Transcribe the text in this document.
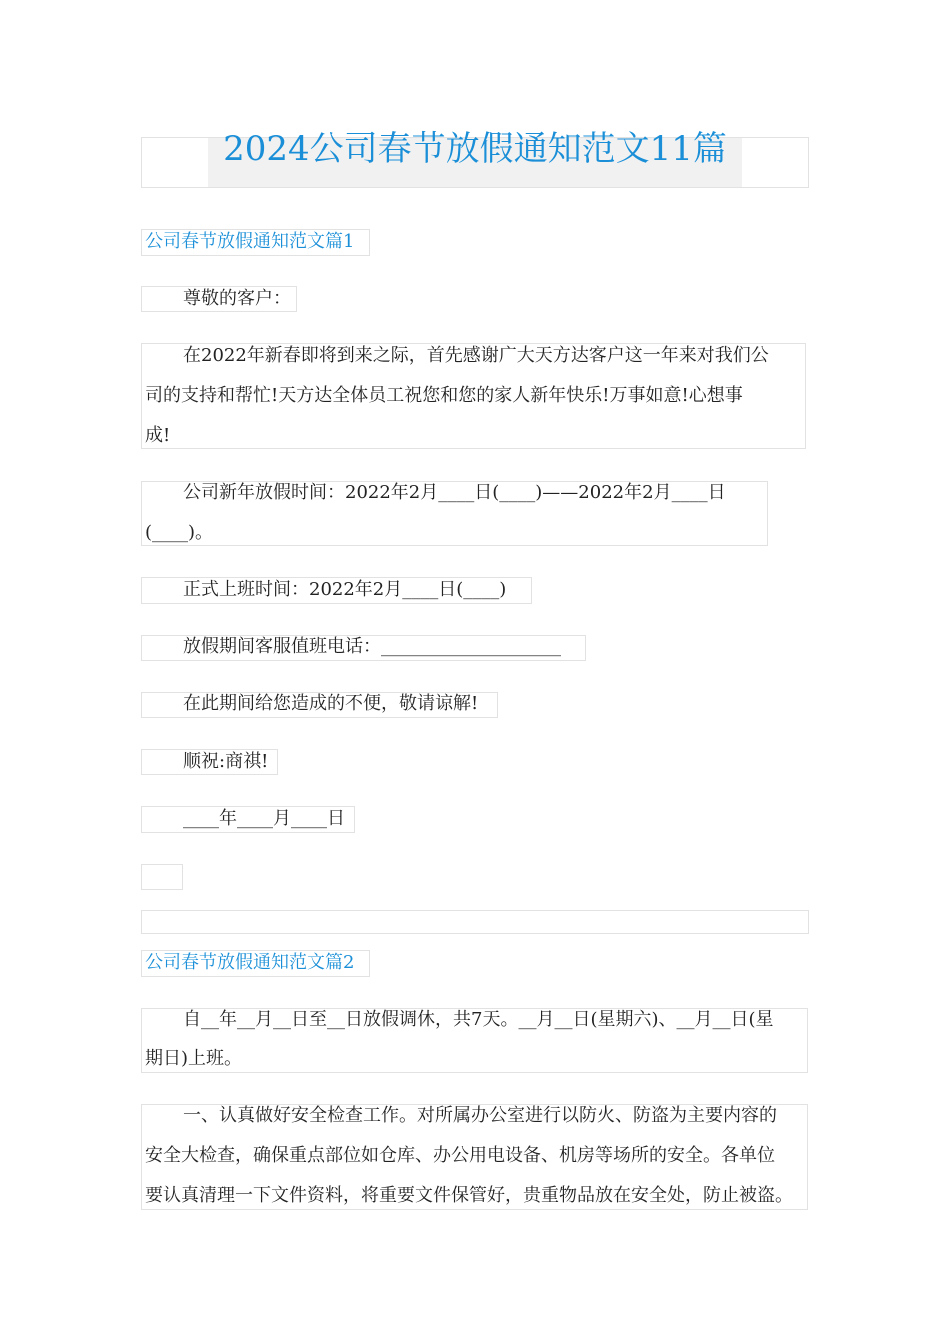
2024公司春节放假通知范文11篇
公司春节放假通知范文篇1
尊敬的客户：
在2022年新春即将到来之际，首先感谢广大天方达客户这一年来对我们公
司的支持和帮忙!天方达全体员工祝您和您的家人新年快乐!万事如意!心想事
成!
公司新年放假时间：2022年2月____日(____)——2022年2月____日
(____)。
正式上班时间：2022年2月____日(____)
放假期间客服值班电话：____________________
在此期间给您造成的不便，敬请谅解!
顺祝:商祺!
____年____月____日
公司春节放假通知范文篇2
自__年__月__日至__日放假调休，共7天。__月__日(星期六)、__月__日(星
期日)上班。
一、认真做好安全检查工作。对所属办公室进行以防火、防盗为主要内容的
安全大检查，确保重点部位如仓库、办公用电设备、机房等场所的安全。各单位
要认真清理一下文件资料，将重要文件保管好，贵重物品放在安全处，防止被盗。
